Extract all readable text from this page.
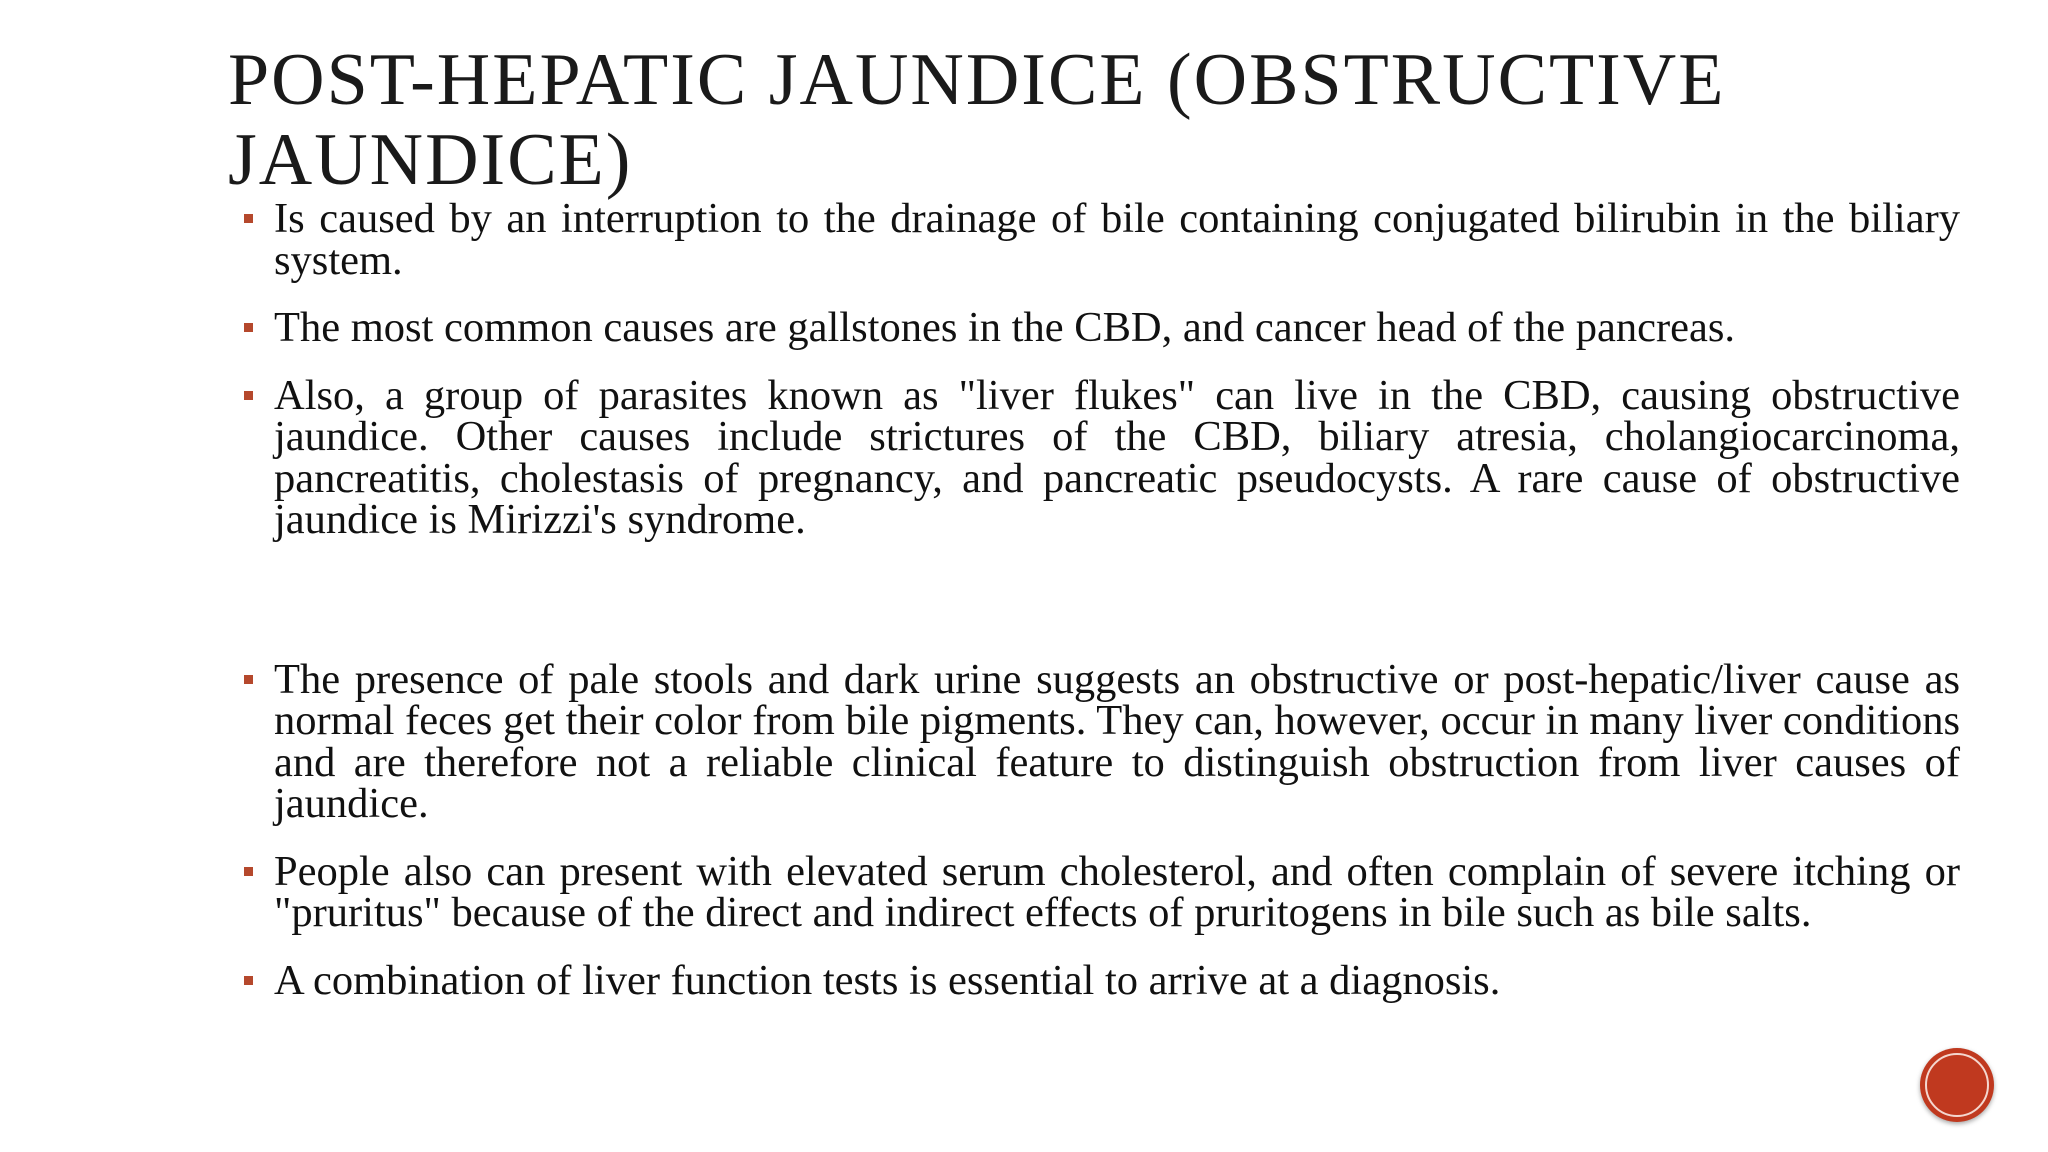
POST-HEPATIC JAUNDICE (OBSTRUCTIVE JAUNDICE)
Is caused by an interruption to the drainage of bile containing conjugated bilirubin in the biliary system.
The most common causes are gallstones in the CBD, and cancer head of the pancreas.
Also, a group of parasites known as "liver flukes" can live in the CBD, causing obstructive jaundice. Other causes include strictures of the CBD, biliary atresia, cholangiocarcinoma, pancreatitis, cholestasis of pregnancy, and pancreatic pseudocysts. A rare cause of obstructive jaundice is Mirizzi's syndrome.
The presence of pale stools and dark urine suggests an obstructive or post-hepatic/liver cause as normal feces get their color from bile pigments. They can, however, occur in many liver conditions and are therefore not a reliable clinical feature to distinguish obstruction from liver causes of jaundice.
People also can present with elevated serum cholesterol, and often complain of severe itching or "pruritus" because of the direct and indirect effects of pruritogens in bile such as bile salts.
A combination of liver function tests is essential to arrive at a diagnosis.
